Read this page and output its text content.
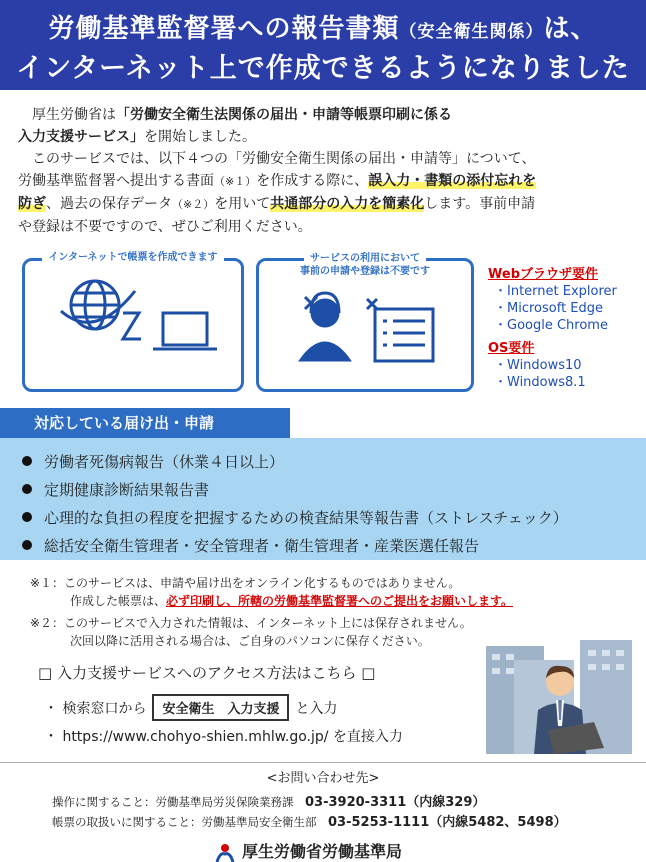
労働基準監督署への報告書類（安全衛生関係）は、
インターネット上で作成できるようになりました

厚生労働省は「労働安全衛生法関係の届出・申請等帳票印刷に係る
入力支援サービス」を開始しました。

このサービスでは、以下４つの「労働安全衛生関係の届出・申請等」について、

労働基準監督署へ提出する書面（※１）を作成する際に、誤入力・書類の添付忘れを
防ぎ、過去の保存データ（※２）を用いて共通部分の入力を簡素化します。事前申請
や登録は不要ですので、ぜひご利用ください。
インターネットで帳票を作成できます	サービスの利用において
事前の申請や登録は不要です	Webブラウザ要件
・Internet Explorer
・Microsoft Edge
・Google Chrome
OS要件
・Windows10
・Windows8.1
対応している届け出・申請
労働者死傷病報告（休業４日以上）
定期健康診断結果報告書
心理的な負担の程度を把握するための検査結果等報告書（ストレスチェック）
総括安全衛生管理者・安全管理者・衛生管理者・産業医選任報告
※１：このサービスは、申請や届け出をオンライン化するものではありません。
作成した帳票は、必ず印刷し、所轄の労働基準監督署へのご提出をお願いします。
※２：このサービスで入力された情報は、インターネット上には保存されません。
次回以降に活用される場合は、ご自身のパソコンに保存ください。
□ 入力支援サービスへのアクセス方法はこちら □
・ 検索窓口から 安全衛生　入力支援 と入力
・ https://www.chohyo-shien.mhlw.go.jp/ を直接入力
<お問い合わせ先>
操作に関すること：労働基準局労災保険業務課　 03-3920-3311（内線329）
帳票の取扱いに関すること：労働基準局安全衛生部　 03-5253-1111（内線5482、5498）
厚生労働省労働基準局
